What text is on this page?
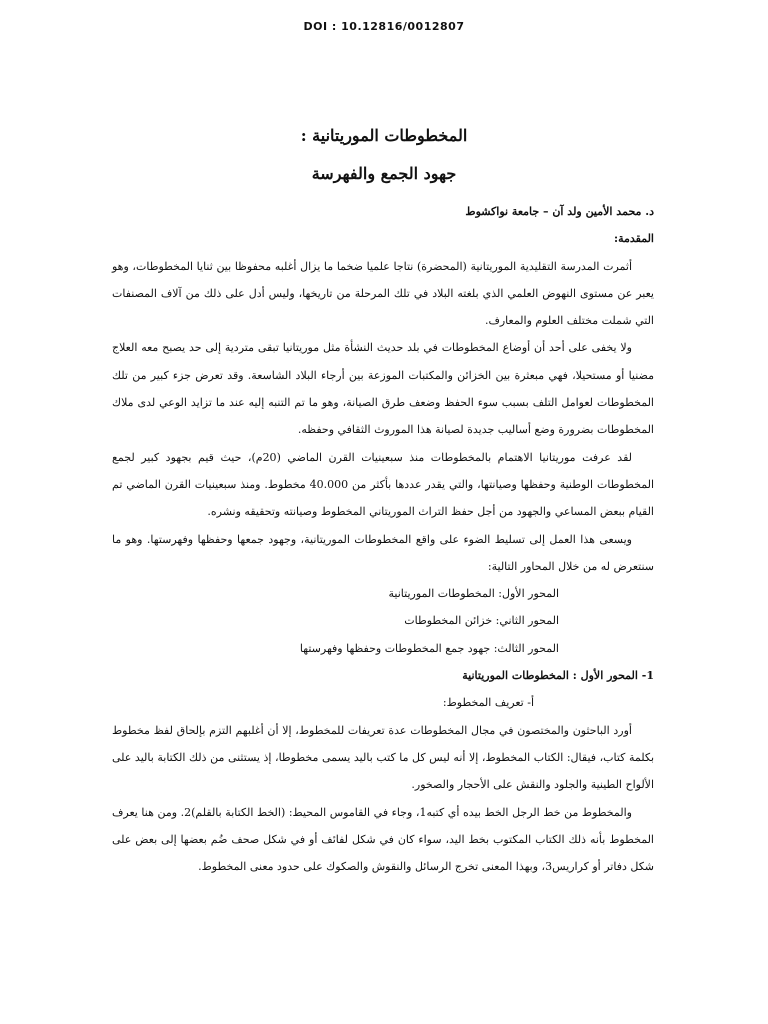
DOI : 10.12816/0012807
المخطوطات الموريتانية :
جهود الجمع والفهرسة

د. محمد الأمين ولد آن – جامعة نواكشوط

المقدمة:

أثمرت المدرسة التقليدية الموريتانية (المحضرة) نتاجا علميا ضخما ما يزال أغلبه محفوظا بين ثنايا المخطوطات، وهو يعبر عن مستوى النهوض العلمي الذي بلغته البلاد في تلك المرحلة من تاريخها، وليس أدل على ذلك من آلاف المصنفات التي شملت مختلف العلوم والمعارف.

ولا يخفى على أحد أن أوضاع المخطوطات في بلد حديث النشأة مثل موريتانيا تبقى متردية إلى حد يصبح معه العلاج مضنيا أو مستحيلا، فهي مبعثرة بين الخزائن والمكتبات الموزعة بين أرجاء البلاد الشاسعة. وقد تعرض جزء كبير من تلك المخطوطات لعوامل التلف بسبب سوء الحفظ وضعف طرق الصيانة، وهو ما تم التنبه إليه عند ما تزايد الوعي لدى ملاك المخطوطات بضرورة وضع أساليب جديدة لصيانة هذا الموروث الثقافي وحفظه.

لقد عرفت موريتانيا الاهتمام بالمخطوطات منذ سبعينيات القرن الماضي (20م)، حيث قيم بجهود كبير لجمع المخطوطات الوطنية وحفظها وصيانتها، والتي يقدر عددها بأكثر من 40.000 مخطوط. ومنذ سبعينيات القرن الماضي تم القيام ببعض المساعي والجهود من أجل حفظ التراث الموريتاني المخطوط وصيانته وتحقيقه ونشره.

ويسعى هذا العمل إلى تسليط الضوء على واقع المخطوطات الموريتانية، وجهود جمعها وحفظها وفهرستها. وهو ما سنتعرض له من خلال المحاور التالية:

المحور الأول: المخطوطات الموريتانية

المحور الثاني: خزائن المخطوطات

المحور الثالث: جهود جمع المخطوطات وحفظها وفهرستها

1- المحور الأول : المخطوطات الموريتانية

أ- تعريف المخطوط:

أورد الباحثون والمختصون في مجال المخطوطات عدة تعريفات للمخطوط، إلا أن أغلبهم التزم بإلحاق لفظ مخطوط بكلمة كتاب، فيقال: الكتاب المخطوط، إلا أنه ليس كل ما كتب باليد يسمى مخطوطا، إذ يستثنى من ذلك الكتابة باليد على الألواح الطينية والجلود والنقش على الأحجار والصخور.

والمخطوط من خط الرجل الخط بيده أي كتبه1، وجاء في القاموس المحيط: (الخط الكتابة بالقلم)2. ومن هنا يعرف المخطوط بأنه ذلك الكتاب المكتوب بخط اليد، سواء كان في شكل لفائف أو في شكل صحف ضُم بعضها إلى بعض على شكل دفاتر أو كراريس3، وبهذا المعنى تخرج الرسائل والنقوش والصكوك على حدود معنى المخطوط.
